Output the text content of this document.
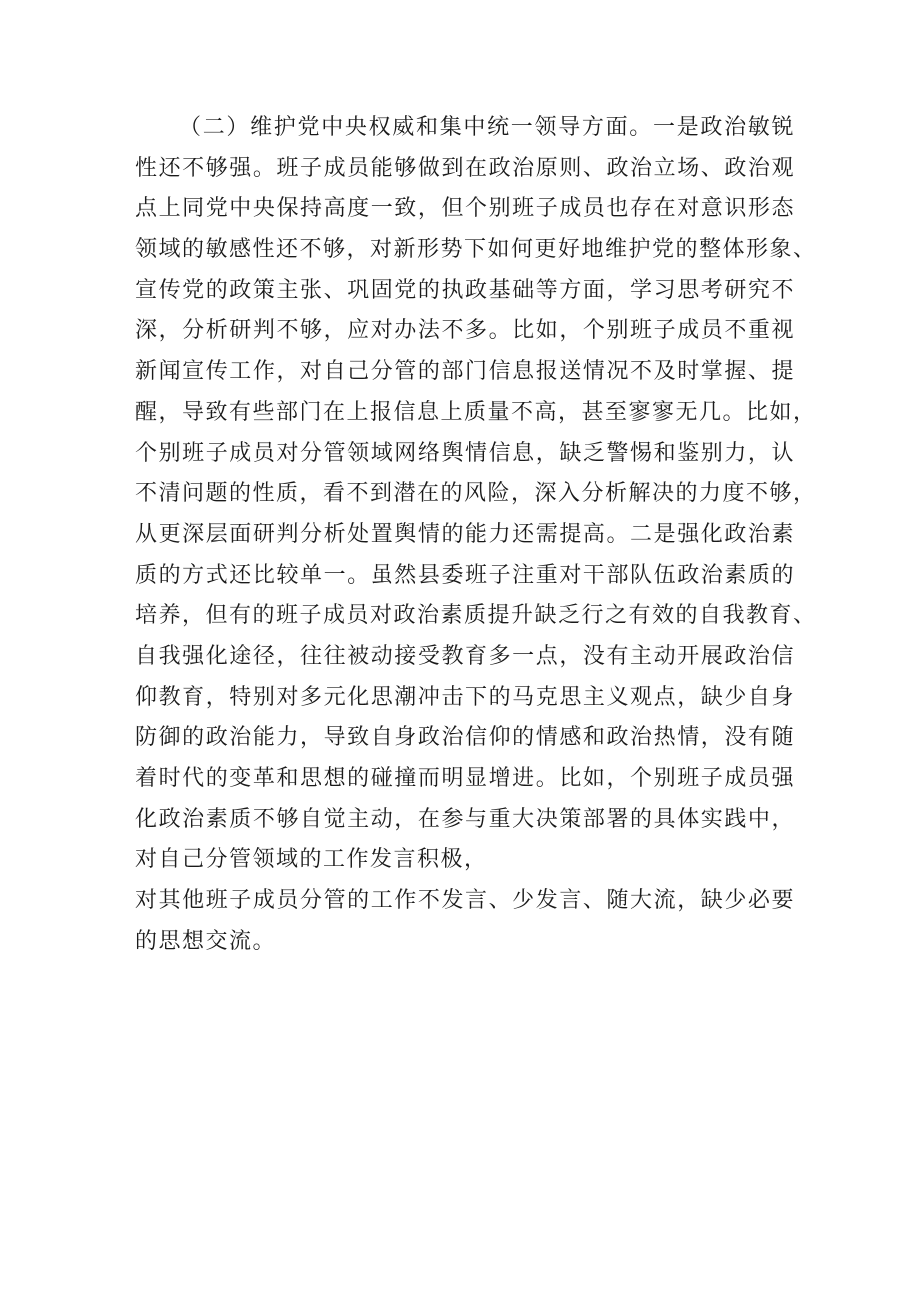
（二）维护党中央权威和集中统一领导方面。一是政治敏锐
性还不够强。班子成员能够做到在政治原则、政治立场、政治观
点上同党中央保持高度一致，但个别班子成员也存在对意识形态
领域的敏感性还不够，对新形势下如何更好地维护党的整体形象、
宣传党的政策主张、巩固党的执政基础等方面，学习思考研究不
深，分析研判不够，应对办法不多。比如，个别班子成员不重视
新闻宣传工作，对自己分管的部门信息报送情况不及时掌握、提
醒，导致有些部门在上报信息上质量不高，甚至寥寥无几。比如，
个别班子成员对分管领域网络舆情信息，缺乏警惕和鉴别力，认
不清问题的性质，看不到潜在的风险，深入分析解决的力度不够，
从更深层面研判分析处置舆情的能力还需提高。二是强化政治素
质的方式还比较单一。虽然县委班子注重对干部队伍政治素质的
培养，但有的班子成员对政治素质提升缺乏行之有效的自我教育、
自我强化途径，往往被动接受教育多一点，没有主动开展政治信
仰教育，特别对多元化思潮冲击下的马克思主义观点，缺少自身
防御的政治能力，导致自身政治信仰的情感和政治热情，没有随
着时代的变革和思想的碰撞而明显增进。比如，个别班子成员强
化政治素质不够自觉主动，在参与重大决策部署的具体实践中，
对自己分管领域的工作发言积极，
对其他班子成员分管的工作不发言、少发言、随大流，缺少必要
的思想交流。
